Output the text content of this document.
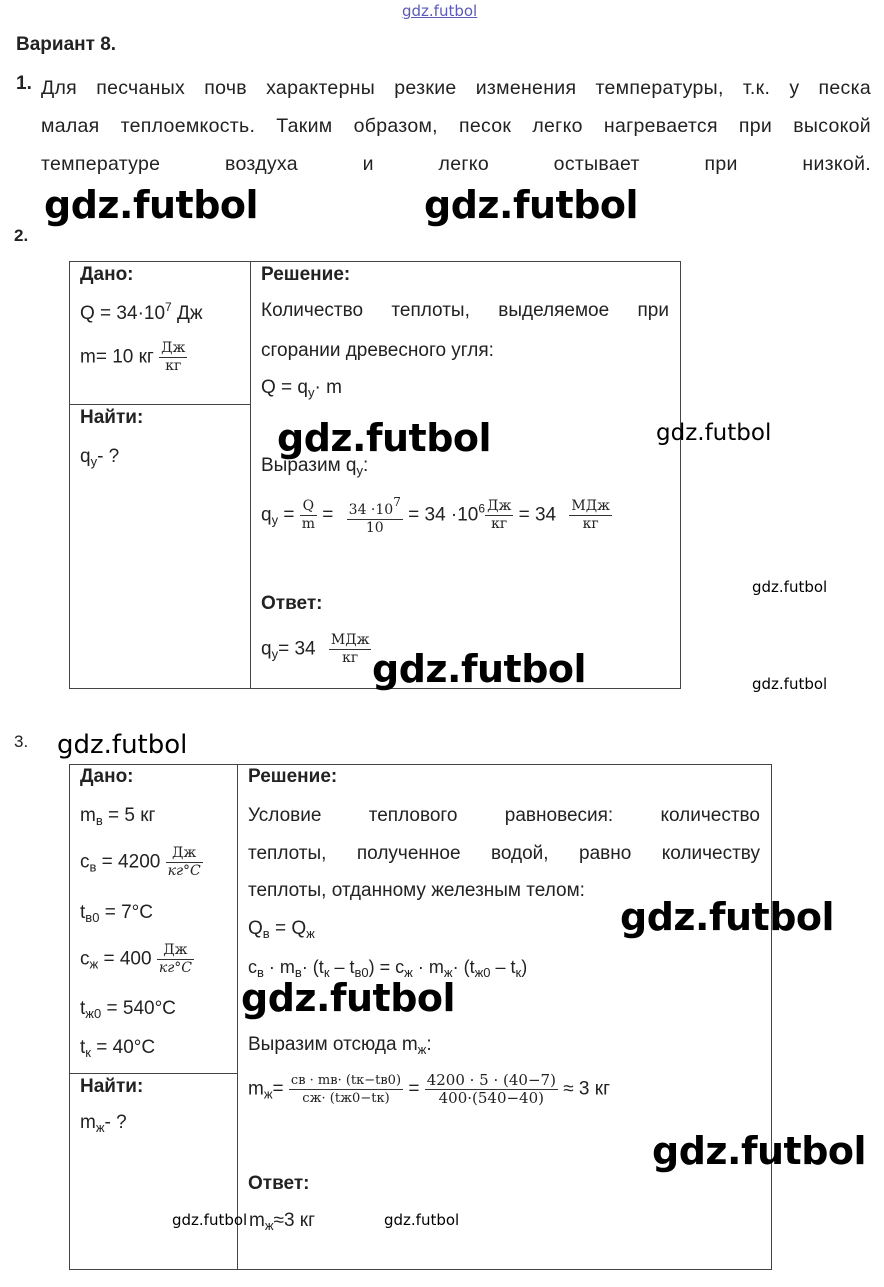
gdz.futbol
Вариант 8.
1. Для песчаных почв характерны резкие изменения температуры, т.к. у песка
малая теплоемкость. Таким образом, песок легко нагревается при высокой
температуре воздуха и легко остывает при низкой.
gdz.futbol	gdz.futbol
2.
Дано:
$Q = 34\cdot 10^7$ Дж
m= 10 кг $\frac{Дж}{кг}$
Найти:
$q_у-$ ?
Решение:
Количество теплоты, выделяемое при
сгорании древесного угля:
$Q = q_у\cdot m$
gdz.futbol	gdz.futbol
Выразим $q_у$:
$q_у = \frac{Q}{m} = \frac{34 \cdot 10^7}{10} = 34 \cdot 10^6 \frac{Дж}{кг} = 34 \frac{\text{МДж}}{кг}$
gdz.futbol
Ответ:
$q_у= 34 \frac{\text{МДж}}{кг}$ gdz.futbol	gdz.futbol
3. gdz.futbol
Дано:
$m_в = 5$ кг
$c_в = 4200 \frac{Дж}{кг^\circ C}$
$t_{в0} = 7^\circ C$
$c_ж = 400 \frac{Дж}{кг^\circ C}$
$t_{ж0} = 540^\circ C$
$t_к = 40^\circ C$
Найти:
$m_ж-$ ?
Решение:
Условие теплового равновесия: количество
теплоты, полученное водой, равно количеству
теплоты, отданному железным телом:
gdz.futbol
$Q_в = Q_ж$
$c_в \cdot m_в\cdot (t_к - t_{в0}) = c_ж \cdot m_ж\cdot (t_{ж0} - t_к)$
gdz.futbol
Выразим отсюда $m_ж$:
$m_ж= \frac{cв \cdot mв\cdot (tк-tв0)}{cж\cdot (tж0-tк)} = \frac{4200 \cdot 5 \cdot (40-7)}{400\cdot(540-40)} \approx 3$ кг
gdz.futbol
Ответ:
gdz.futbol $m_ж\approx 3$ кг	gdz.futbol
